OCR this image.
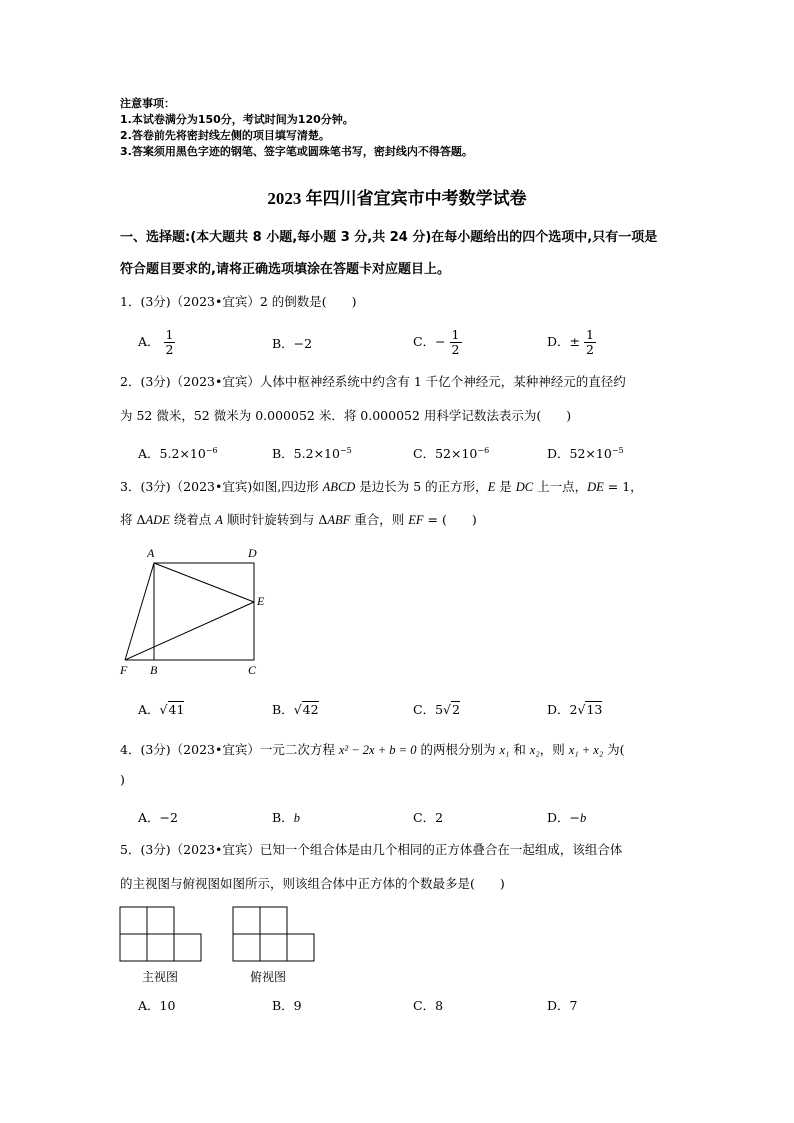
注意事项：
1.本试卷满分为150分，考试时间为120分钟。
2.答卷前先将密封线左侧的项目填写清楚。
3.答案须用黑色字迹的钢笔、签字笔或圆珠笔书写，密封线内不得答题。
2023 年四川省宜宾市中考数学试卷
一、选择题:(本大题共 8 小题,每小题 3 分,共 24 分)在每小题给出的四个选项中,只有一项是
符合题目要求的,请将正确选项填涂在答题卡对应题目上。
1．(3分)（2023•宜宾）2 的倒数是(　　)
A． $\frac{1}{2}$	B．−2	C．− $\frac{1}{2}$	D．± $\frac{1}{2}$
2．(3分)（2023•宜宾）人体中枢神经系统中约含有 1 千亿个神经元，某种神经元的直径约
为 52 微米，52 微米为 0.000052 米．将 0.000052 用科学记数法表示为(　　)
A．$5.2\times 10^{-6}$	B．$5.2\times 10^{-5}$	C．$52\times 10^{-6}$	D．$52\times 10^{-5}$
3．(3分)（2023•宜宾)如图,四边形 ABCD 是边长为 5 的正方形，E 是 DC 上一点，DE = 1，
将 ΔADE 绕着点 A 顺时针旋转到与 ΔABF 重合，则 EF = (　　)
A	D
E
F B	C
A．√41	B．√42	C．5√2	D．2√13
4．(3分)（2023•宜宾）一元二次方程 x² − 2x + b = 0 的两根分别为 x₁ 和 x₂，则 x₁ + x₂ 为(
)
A．−2	B．b	C．2	D．−b
5．(3分)（2023•宜宾）已知一个组合体是由几个相同的正方体叠合在一起组成，该组合体
的主视图与俯视图如图所示，则该组合体中正方体的个数最多是(　　)
主视图	俯视图
A．10	B．9	C．8	D．7
